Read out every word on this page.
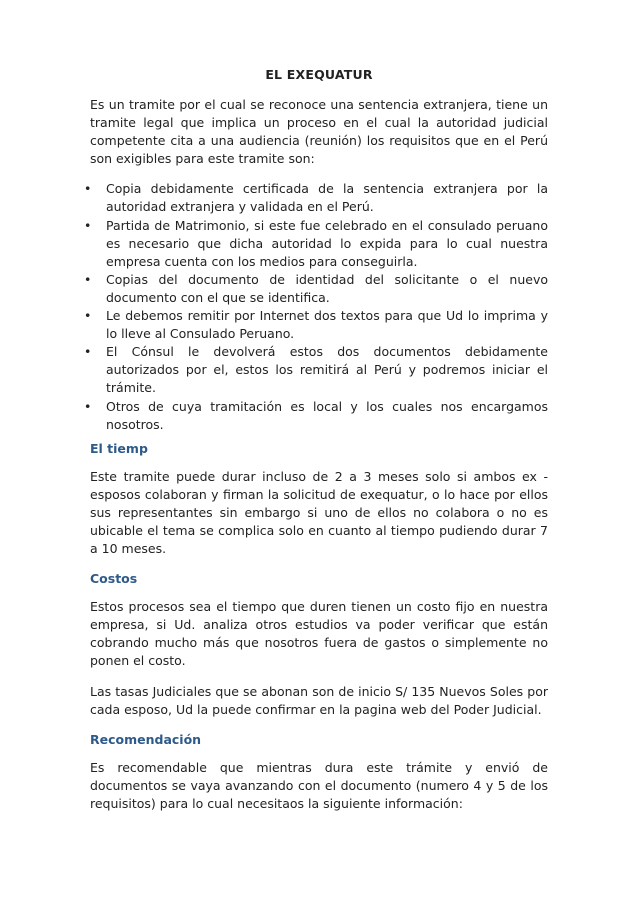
EL EXEQUATUR

Es un tramite por el cual se reconoce una sentencia extranjera, tiene un tramite legal que implica un proceso en el cual la autoridad judicial competente cita a una audiencia (reunión) los requisitos que en el Perú son exigibles para este tramite son:

• Copia debidamente certificada de la sentencia extranjera por la autoridad extranjera y validada en el Perú.
• Partida de Matrimonio, si este fue celebrado en el consulado peruano es necesario que dicha autoridad lo expida para lo cual nuestra empresa cuenta con los medios para conseguirla.
• Copias del documento de identidad del solicitante o el nuevo documento con el que se identifica.
• Le debemos remitir por Internet dos textos para que Ud lo imprima y lo lleve al Consulado Peruano.
• El Cónsul le devolverá estos dos documentos debidamente autorizados por el, estos los remitirá al Perú y podremos iniciar el trámite.
• Otros de cuya tramitación es local y los cuales nos encargamos nosotros.
El tiemp

Este tramite puede durar incluso de 2 a 3 meses solo si ambos ex - esposos colaboran y firman la solicitud de exequatur, o lo hace por ellos sus representantes sin embargo si uno de ellos no colabora o no es ubicable el tema se complica solo en cuanto al tiempo pudiendo durar 7 a 10 meses.

Costos

Estos procesos sea el tiempo que duren tienen un costo fijo en nuestra empresa, si Ud. analiza otros estudios va poder verificar que están cobrando mucho más que nosotros fuera de gastos o simplemente no ponen el costo.

Las tasas Judiciales que se abonan son de inicio S/ 135 Nuevos Soles por cada esposo, Ud la puede confirmar en la pagina web del Poder Judicial.

Recomendación

Es recomendable que mientras dura este trámite y envió de documentos se vaya avanzando con el documento (numero 4 y 5 de los requisitos) para lo cual necesitaos la siguiente información:
